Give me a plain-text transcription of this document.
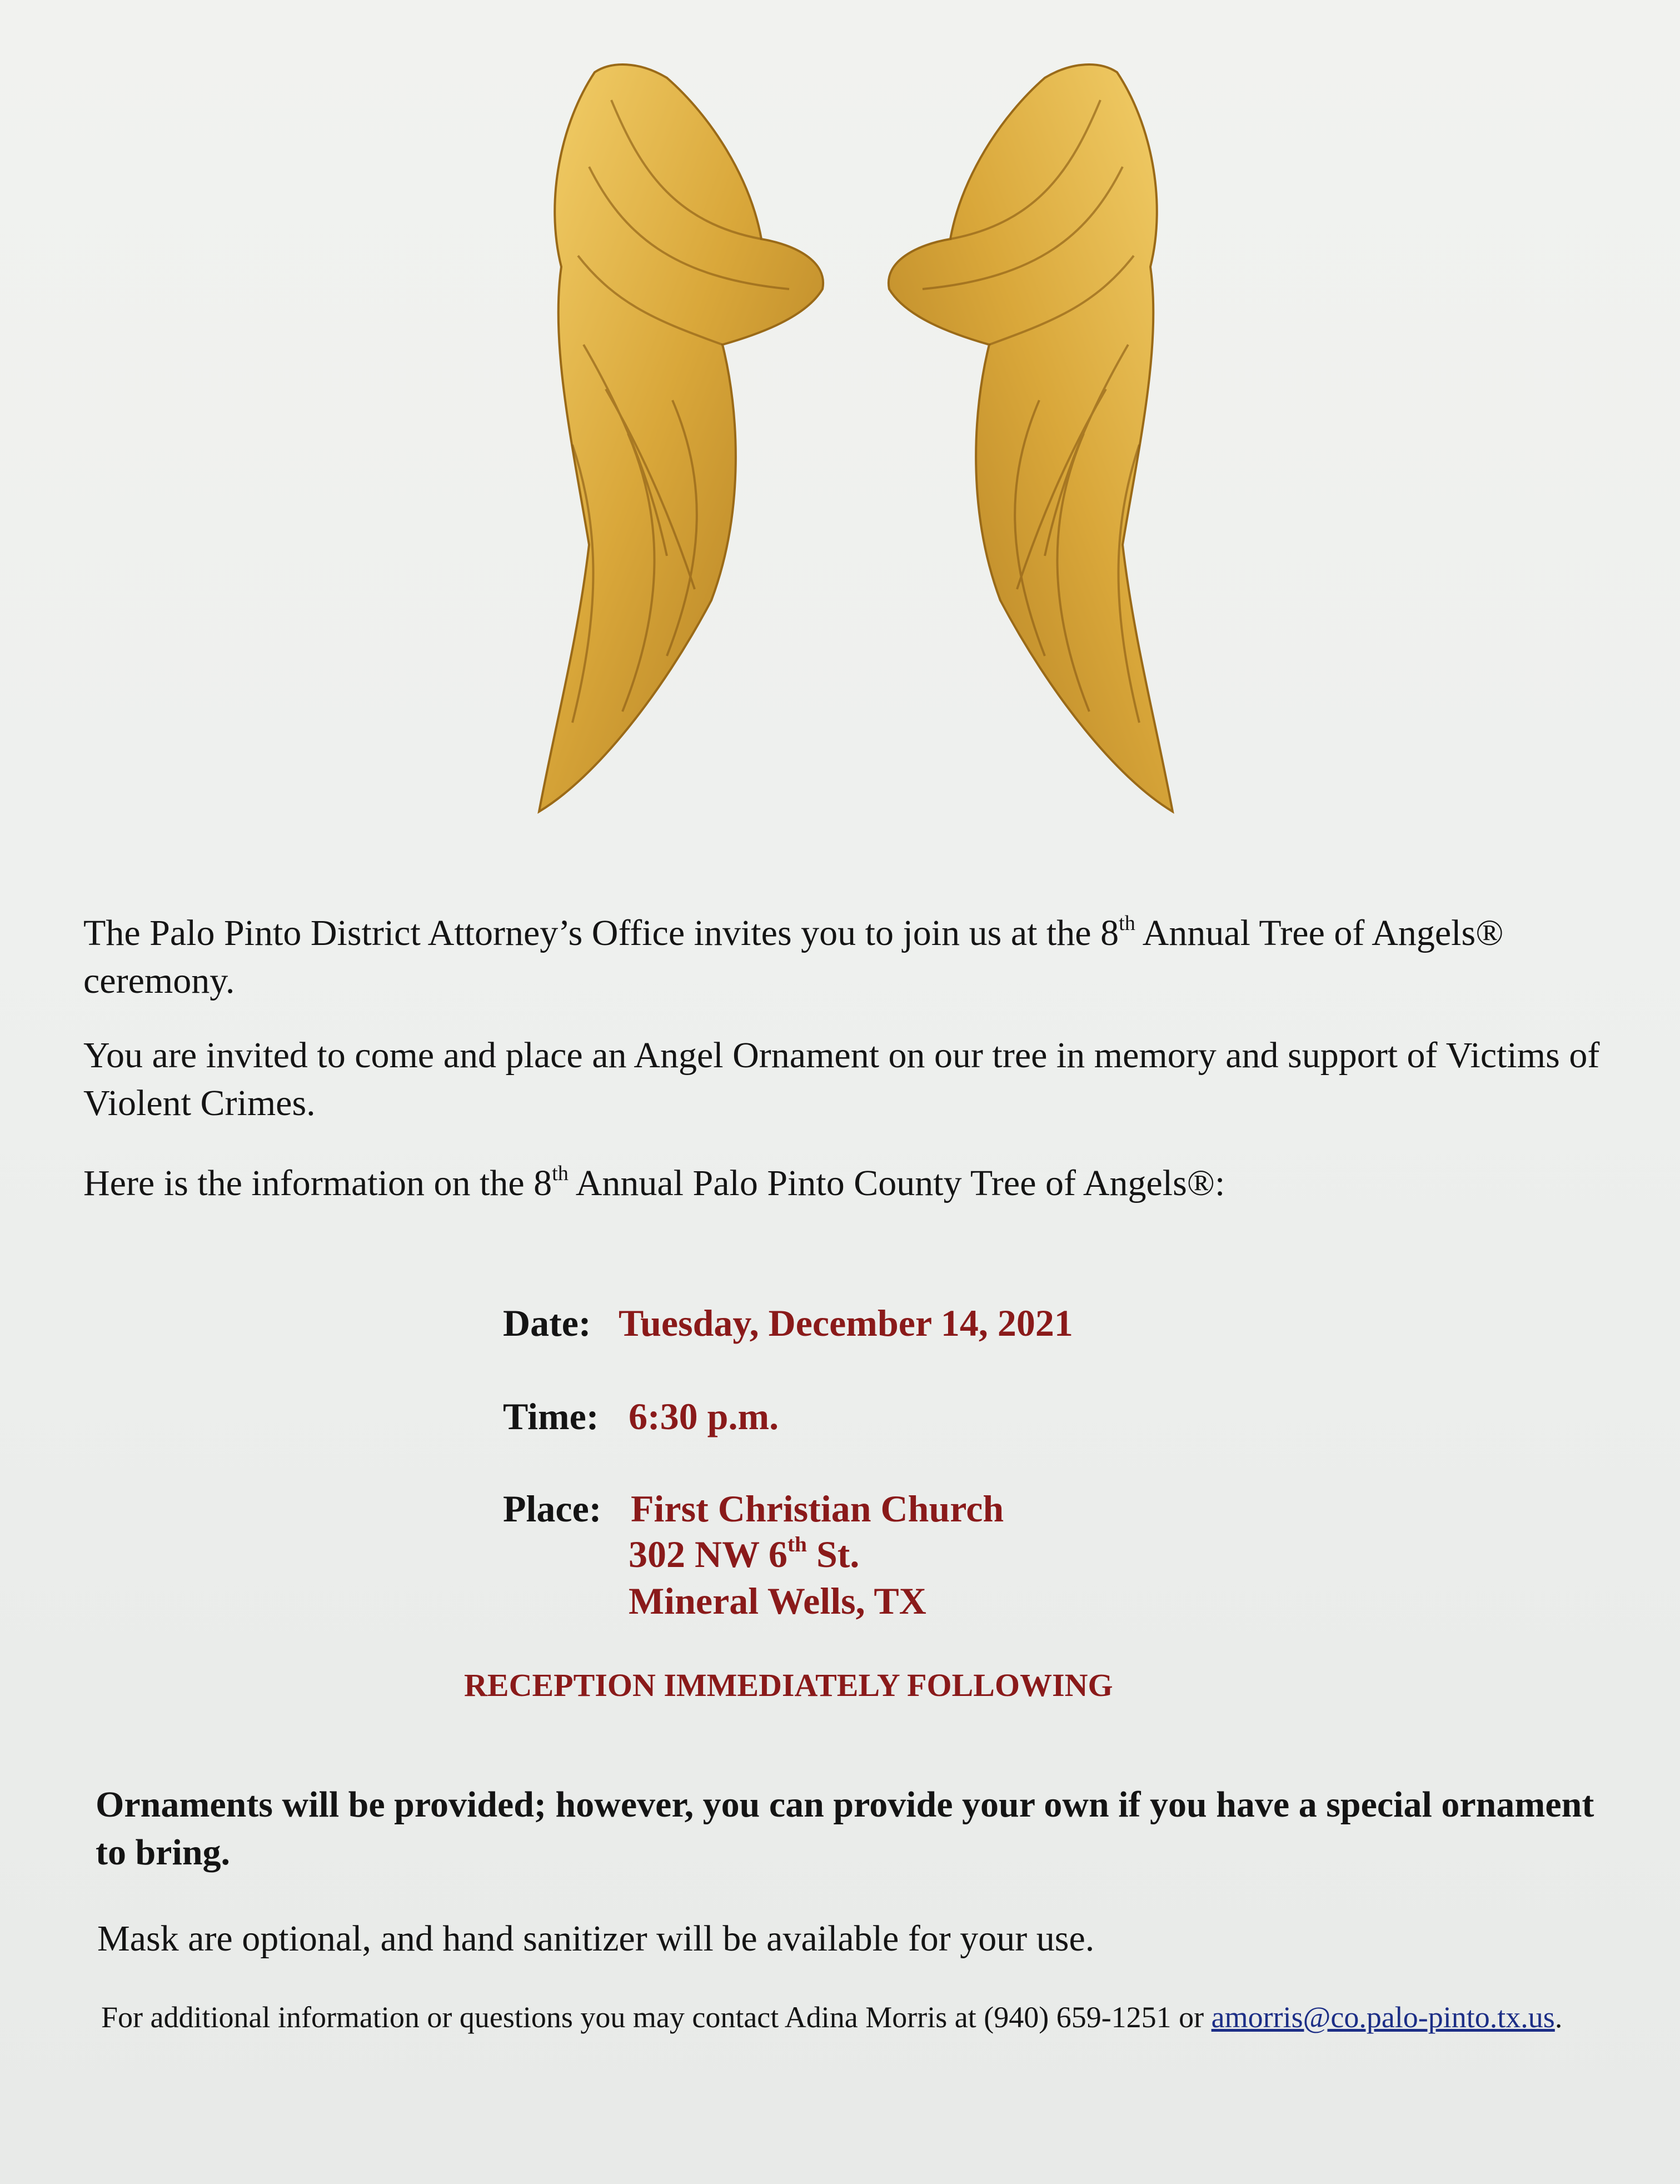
The Palo Pinto District Attorney’s Office invites you to join us at the 8th Annual Tree of Angels® ceremony.

You are invited to come and place an Angel Ornament on our tree in memory and support of Victims of Violent Crimes.

Here is the information on the 8th Annual Palo Pinto County Tree of Angels®:

Date: Tuesday, December 14, 2021
Time: 6:30 p.m.
Place: First Christian Church
302 NW 6th St.
Mineral Wells, TX
RECEPTION IMMEDIATELY FOLLOWING
Ornaments will be provided; however, you can provide your own if you have a special ornament to bring.
Mask are optional, and hand sanitizer will be available for your use.
For additional information or questions you may contact Adina Morris at (940) 659-1251 or amorris@co.palo-pinto.tx.us.
